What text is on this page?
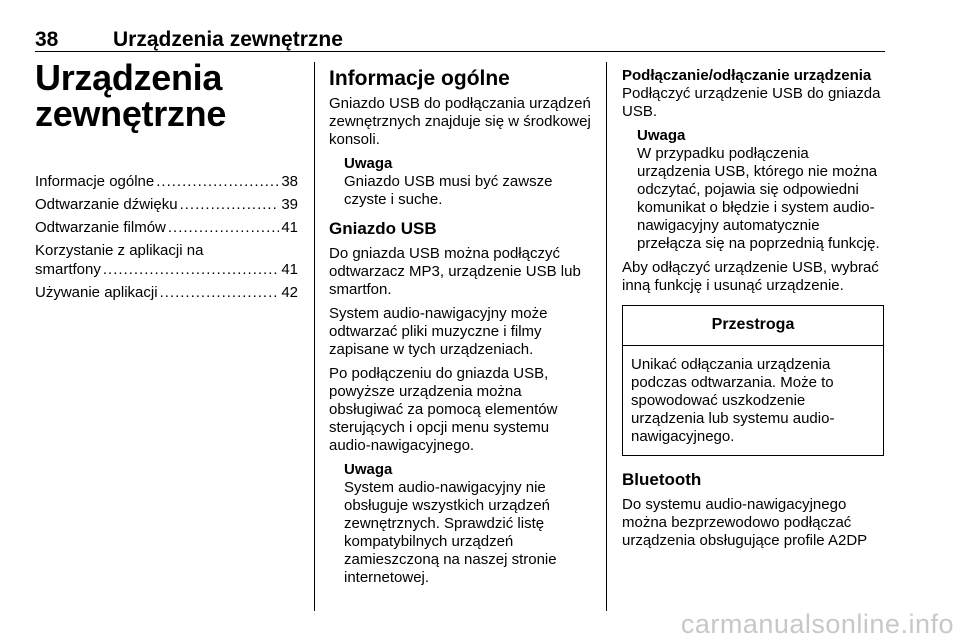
38	Urządzenia zewnętrzne
Urządzenia
zewnętrzne
Informacje ogólne .....	38
Odtwarzanie dźwięku .....	39
Odtwarzanie filmów .....	41
Korzystanie z aplikacji na
smartfony .....	41
Używanie aplikacji .....	42
Informacje ogólne

Gniazdo USB do podłączania urządzeń zewnętrznych znajduje się w środkowej konsoli.

Uwaga
Gniazdo USB musi być zawsze czyste i suche.
Gniazdo USB

Do gniazda USB można podłączyć odtwarzacz MP3, urządzenie USB lub smartfon.

System audio-nawigacyjny może odtwarzać pliki muzyczne i filmy zapisane w tych urządzeniach.

Po podłączeniu do gniazda USB, powyższe urządzenia można obsługiwać za pomocą elementów sterujących i opcji menu systemu audio-nawigacyjnego.

Uwaga
System audio-nawigacyjny nie obsługuje wszystkich urządzeń zewnętrznych. Sprawdzić listę kompatybilnych urządzeń zamieszczoną na naszej stronie internetowej.
Podłączanie/odłączanie urządzenia

Podłączyć urządzenie USB do gniazda USB.

Uwaga
W przypadku podłączenia urządzenia USB, którego nie można odczytać, pojawia się odpowiedni komunikat o błędzie i system audio-nawigacyjny automatycznie przełącza się na poprzednią funkcję.

Aby odłączyć urządzenie USB, wybrać inną funkcję i usunąć urządzenie.

Przestroga
Unikać odłączania urządzenia podczas odtwarzania. Może to spowodować uszkodzenie urządzenia lub systemu audio-nawigacyjnego.
Bluetooth

Do systemu audio-nawigacyjnego można bezprzewodowo podłączać urządzenia obsługujące profile A2DP

carmanualsonline.info
